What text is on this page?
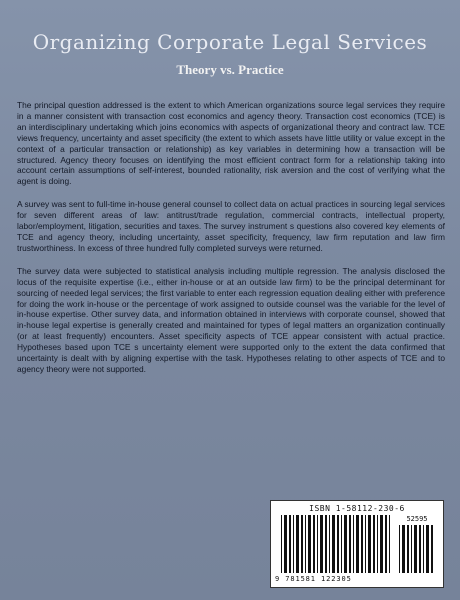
Organizing Corporate Legal Services
Theory vs. Practice

The principal question addressed is the extent to which American organizations source legal services they require in a manner consistent with transaction cost economics and agency theory. Transaction cost economics (TCE) is an interdisciplinary undertaking which joins economics with aspects of organizational theory and contract law. TCE views frequency, uncertainty and asset specificity (the extent to which assets have little utility or value except in the context of a particular transaction or relationship) as key variables in determining how a transaction will be structured. Agency theory focuses on identifying the most efficient contract form for a relationship taking into account certain assumptions of self-interest, bounded rationality, risk aversion and the cost of verifying what the agent is doing.

A survey was sent to full-time in-house general counsel to collect data on actual practices in sourcing legal services for seven different areas of law: antitrust/trade regulation, commercial contracts, intellectual property, labor/employment, litigation, securities and taxes. The survey instrument s questions also covered key elements of TCE and agency theory, including uncertainty, asset specificity, frequency, law firm reputation and law firm trustworthiness. In excess of three hundred fully completed surveys were returned.

The survey data were subjected to statistical analysis including multiple regression. The analysis disclosed the locus of the requisite expertise (i.e., either in-house or at an outside law firm) to be the principal determinant for sourcing of needed legal services; the first variable to enter each regression equation dealing either with preference for doing the work in-house or the percentage of work assigned to outside counsel was the variable for the level of in-house expertise. Other survey data, and information obtained in interviews with corporate counsel, showed that in-house legal expertise is generally created and maintained for types of legal matters an organization continually (or at least frequently) encounters. Asset specificity aspects of TCE appear consistent with actual practice. Hypotheses based upon TCE s uncertainty element were supported only to the extent the data confirmed that uncertainty is dealt with by aligning expertise with the task. Hypotheses relating to other aspects of TCE and to agency theory were not supported.

ISBN 1-58112-230-6
52595
9 781581 122305
